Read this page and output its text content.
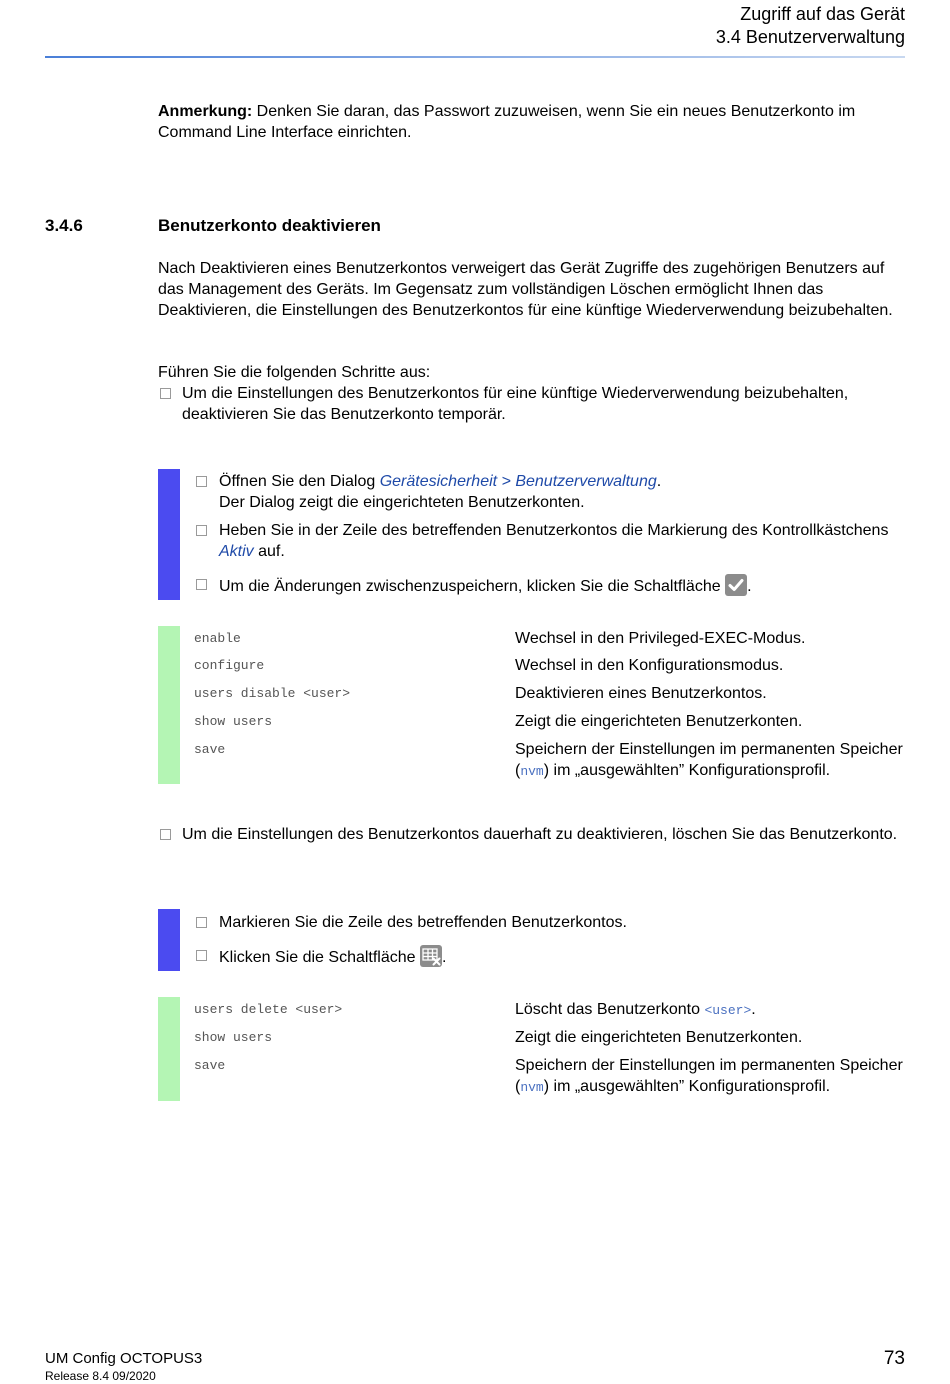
Zugriff auf das Gerät
3.4 Benutzerverwaltung
Anmerkung: Denken Sie daran, das Passwort zuzuweisen, wenn Sie ein neues Benutzerkonto im Command Line Interface einrichten.
3.4.6	Benutzerkonto deaktivieren
Nach Deaktivieren eines Benutzerkontos verweigert das Gerät Zugriffe des zugehörigen Benutzers auf das Management des Geräts. Im Gegensatz zum vollständigen Löschen ermöglicht Ihnen das Deaktivieren, die Einstellungen des Benutzerkontos für eine künftige Wiederverwendung beizubehalten.
Führen Sie die folgenden Schritte aus:
Um die Einstellungen des Benutzerkontos für eine künftige Wiederverwendung beizubehalten, deaktivieren Sie das Benutzerkonto temporär.
Öffnen Sie den Dialog Gerätesicherheit > Benutzerverwaltung.
Der Dialog zeigt die eingerichteten Benutzerkonten.
Heben Sie in der Zeile des betreffenden Benutzerkontos die Markierung des Kontrollkästchens Aktiv auf.
Um die Änderungen zwischenzuspeichern, klicken Sie die Schaltfläche .
enable	Wechsel in den Privileged-EXEC-Modus.
configure	Wechsel in den Konfigurationsmodus.
users disable <user>	Deaktivieren eines Benutzerkontos.
show users	Zeigt die eingerichteten Benutzerkonten.
save	Speichern der Einstellungen im permanenten Speicher (nvm) im „ausgewählten” Konfigurationsprofil.
Um die Einstellungen des Benutzerkontos dauerhaft zu deaktivieren, löschen Sie das Benutzerkonto.
Markieren Sie die Zeile des betreffenden Benutzerkontos.
Klicken Sie die Schaltfläche .
users delete <user>	Löscht das Benutzerkonto <user>.
show users	Zeigt die eingerichteten Benutzerkonten.
save	Speichern der Einstellungen im permanenten Speicher (nvm) im „ausgewählten” Konfigurationsprofil.
UM Config OCTOPUS3
Release 8.4 09/2020
73
